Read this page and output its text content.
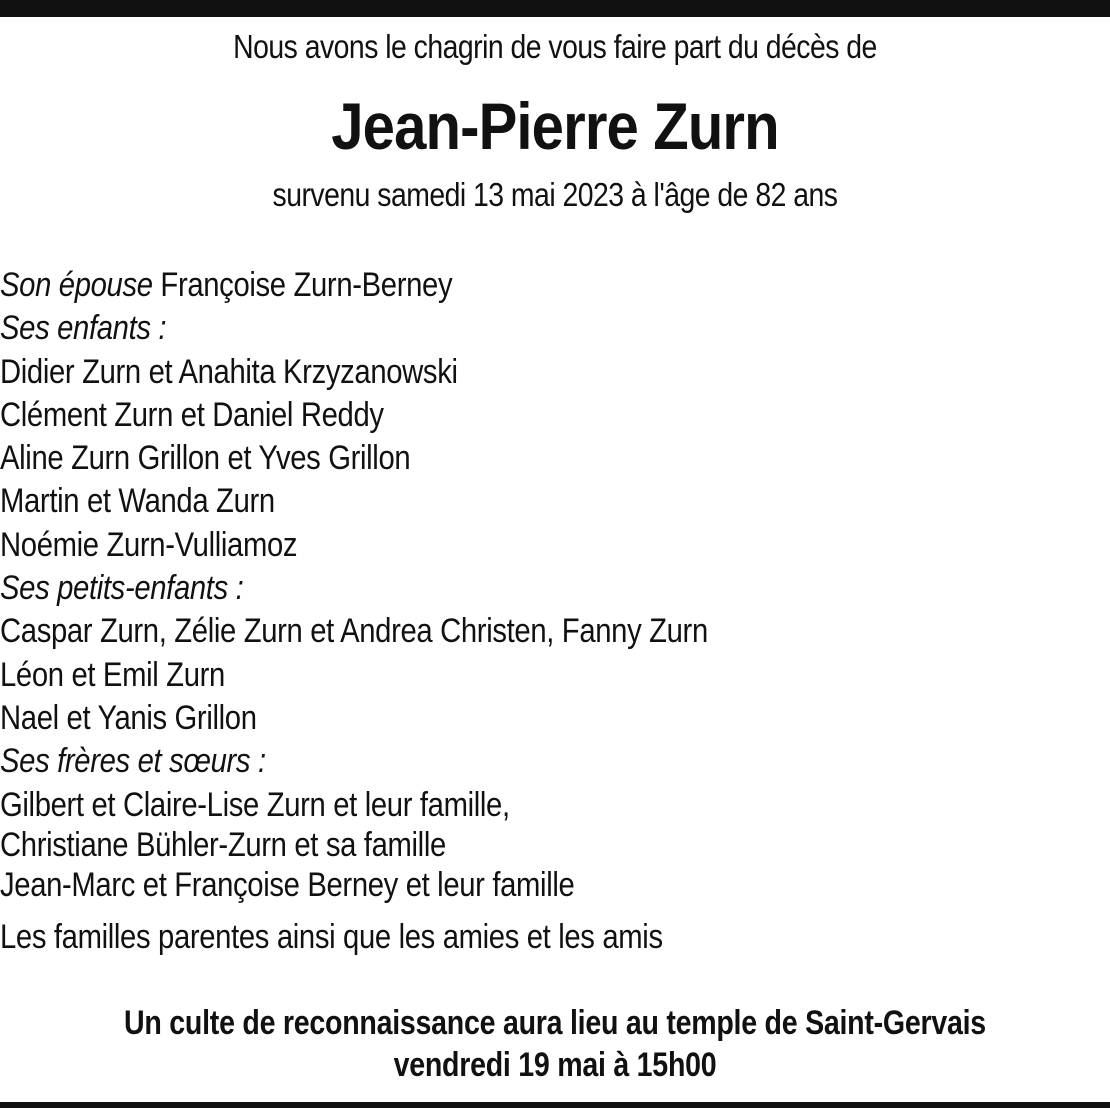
Nous avons le chagrin de vous faire part du décès de
Jean-Pierre Zurn
survenu samedi 13 mai 2023 à l'âge de 82 ans
Son épouse Françoise Zurn-Berney
Ses enfants :
Didier Zurn et Anahita Krzyzanowski
Clément Zurn et Daniel Reddy
Aline Zurn Grillon et Yves Grillon
Martin et Wanda Zurn
Noémie Zurn-Vulliamoz
Ses petits-enfants :
Caspar Zurn, Zélie Zurn et Andrea Christen, Fanny Zurn
Léon et Emil Zurn
Nael et Yanis Grillon
Ses frères et sœurs :
Gilbert et Claire-Lise Zurn et leur famille,
Christiane Bühler-Zurn et sa famille
Jean-Marc et Françoise Berney et leur famille
Les familles parentes ainsi que les amies et les amis
Un culte de reconnaissance aura lieu au temple de Saint-Gervais
vendredi 19 mai à 15h00
